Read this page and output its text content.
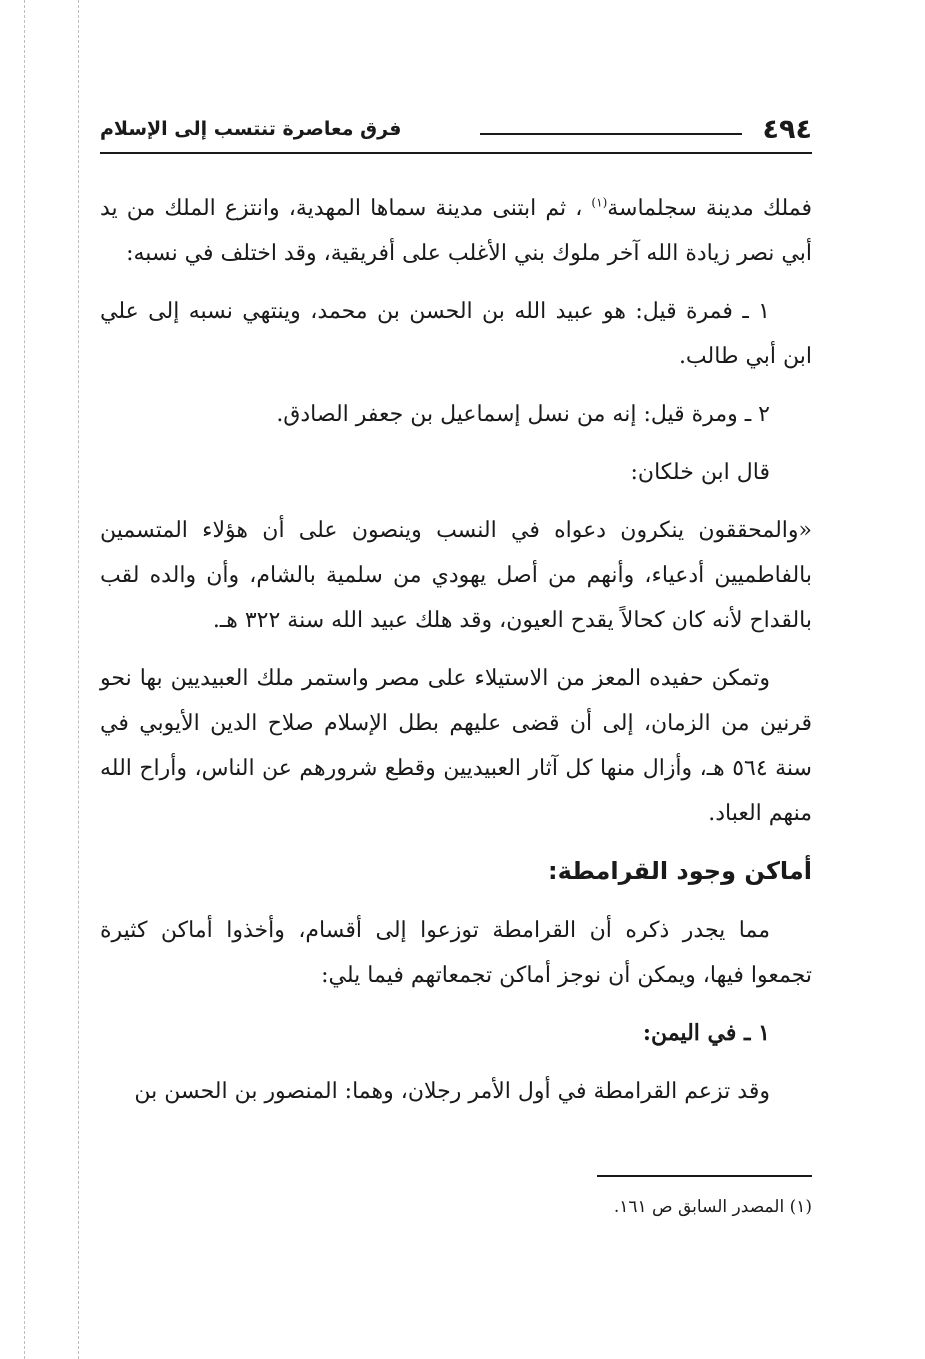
٤٩٤
فرق معاصرة تنتسب إلى الإسلام

فملك مدينة سجلماسة$^{(١)}$ ، ثم ابتنى مدينة سماها المهدية، وانتزع الملك من يد أبي نصر زيادة الله آخر ملوك بني الأغلب على أفريقية، وقد اختلف في نسبه:

١ ـ فمرة قيل: هو عبيد الله بن الحسن بن محمد، وينتهي نسبه إلى علي ابن أبي طالب.

٢ ـ ومرة قيل: إنه من نسل إسماعيل بن جعفر الصادق.

قال ابن خلكان:

«والمحققون ينكرون دعواه في النسب وينصون على أن هؤلاء المتسمين بالفاطميين أدعياء، وأنهم من أصل يهودي من سلمية بالشام، وأن والده لقب بالقداح لأنه كان كحالاً يقدح العيون، وقد هلك عبيد الله سنة ٣٢٢ هـ.

وتمكن حفيده المعز من الاستيلاء على مصر واستمر ملك العبيديين بها نحو قرنين من الزمان، إلى أن قضى عليهم بطل الإسلام صلاح الدين الأيوبي في سنة ٥٦٤ هـ، وأزال منها كل آثار العبيديين وقطع شرورهم عن الناس، وأراح الله منهم العباد.

أماكن وجود القرامطة:

مما يجدر ذكره أن القرامطة توزعوا إلى أقسام، وأخذوا أماكن كثيرة تجمعوا فيها، ويمكن أن نوجز أماكن تجمعاتهم فيما يلي:

١ ـ في اليمن:

وقد تزعم القرامطة في أول الأمر رجلان، وهما: المنصور بن الحسن بن

(١) المصدر السابق ص ١٦١.
